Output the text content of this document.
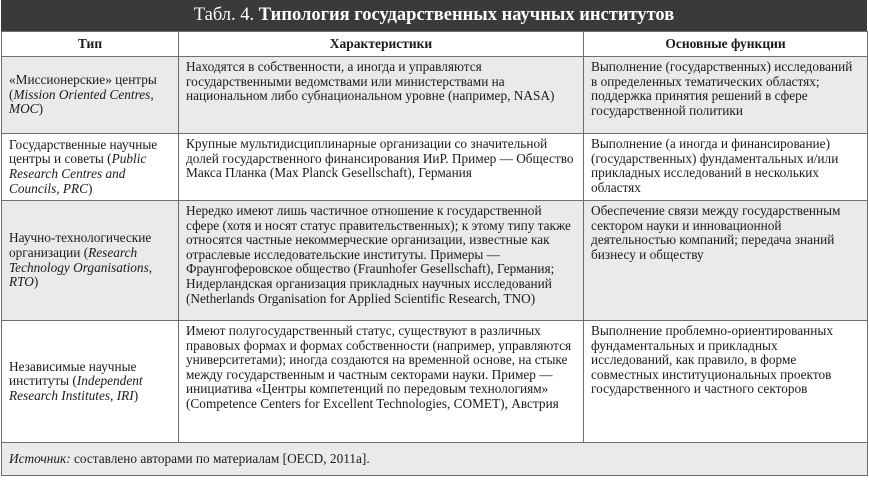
Табл. 4. Типология государственных научных институтов
Тип	Характеристики	Основные функции
«Миссионерские» центры (Mission Oriented Centres, MOC)	Находятся в собственности, а иногда и управляются государственными ведомствами или министерствами на национальном либо субнациональном уровне (например, NASA)	Выполнение (государственных) исследований в определенных тематических областях; поддержка принятия решений в сфере государственной политики
Государственные научные центры и советы (Public Research Centres and Councils, PRC)	Крупные мультидисциплинарные организации со значительной долей государственного финансирования ИиР. Пример — Общество Макса Планка (Max Planck Gesellschaft), Германия	Выполнение (а иногда и финансирование) (государственных) фундаментальных и/или прикладных исследований в нескольких областях
Научно-технологические организации (Research Technology Organisations, RTO)	Нередко имеют лишь частичное отношение к государственной сфере (хотя и носят статус правительственных); к этому типу также относятся частные некоммерческие организации, известные как отраслевые исследовательские институты. Примеры — Фраунгоферовское общество (Fraunhofer Gesellschaft), Германия; Нидерландская организация прикладных научных исследований (Netherlands Organisation for Applied Scientific Research, TNO)	Обеспечение связи между государственным сектором науки и инновационной деятельностью компаний; передача знаний бизнесу и обществу
Независимые научные институты (Independent Research Institutes, IRI)	Имеют полугосударственный статус, существуют в различных правовых формах и формах собственности (например, управляются университетами); иногда создаются на временной основе, на стыке между государственным и частным секторами науки. Пример — инициатива «Центры компетенций по передовым технологиям» (Competence Centers for Excellent Technologies, COMET), Австрия	Выполнение проблемно-ориентированных фундаментальных и прикладных исследований, как правило, в форме совместных институциональных проектов государственного и частного секторов
Источник: составлено авторами по материалам [OECD, 2011a].		
